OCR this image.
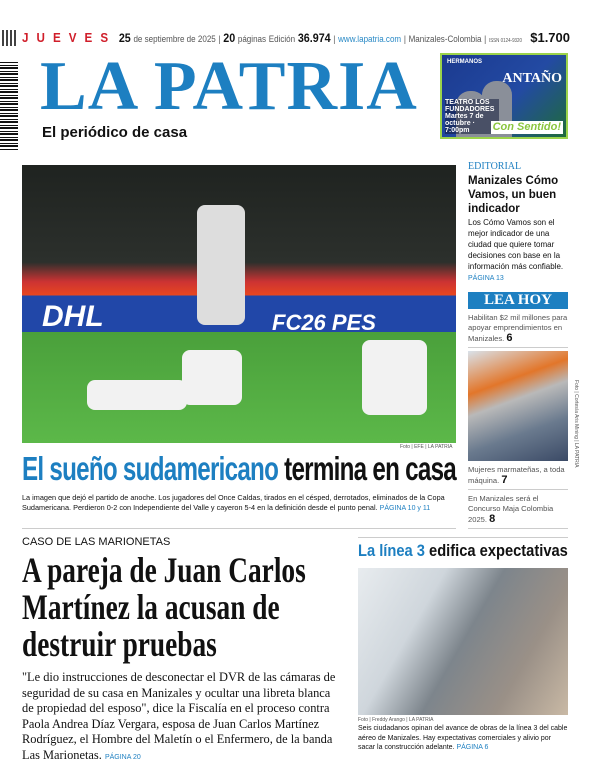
JUEVES 25 de septiembre de 2025 | 20 páginas Edición 36.974 | www.lapatria.com | Manizales-Colombia | ISSN 0124-9320 $1.700
LA PATRIA
El periódico de casa
HERMANOS
ANTAÑO
TEATRO LOS FUNDADORES Martes 7 de octubre · 7:00pm	Con Sentido!
DHL	FC26 PES
Foto | EFE | LA PATRIA
El sueño sudamericano termina en casa
La imagen que dejó el partido de anoche. Los jugadores del Once Caldas, tirados en el césped, derrotados, eliminados de la Copa Sudamericana. Perdieron 0-2 con Independiente del Valle y cayeron 5-4 en la definición desde el punto penal. PÁGINA 10 y 11
EDITORIAL
Manizales Cómo Vamos, un buen indicador
Los Cómo Vamos son el mejor indicador de una ciudad que quiere tomar decisiones con base en la información más confiable. PÁGINA 13
LEA HOY
Habilitan $2 mil millones para apoyar emprendimientos en Manizales. 6
Mujeres marmateñas, a toda máquina. 7
En Manizales será el Concurso Maja Colombia 2025. 8
Foto | Cortesía Aris Mining | LA PATRIA
CASO DE LAS MARIONETAS
A pareja de Juan Carlos Martínez la acusan de destruir pruebas
"Le dio instrucciones de desconectar el DVR de las cámaras de seguridad de su casa en Manizales y ocultar una libreta blanca de propiedad del esposo", dice la Fiscalía en el proceso contra Paola Andrea Díaz Vergara, esposa de Juan Carlos Martínez Rodríguez, el Hombre del Maletín o el Enfermero, de la banda Las Marionetas. PÁGINA 20
La línea 3 edifica expectativas
Foto | Freddy Arango | LA PATRIA
Seis ciudadanos opinan del avance de obras de la línea 3 del cable aéreo de Manizales. Hay expectativas comerciales y alivio por sacar la construcción adelante. PÁGINA 6
